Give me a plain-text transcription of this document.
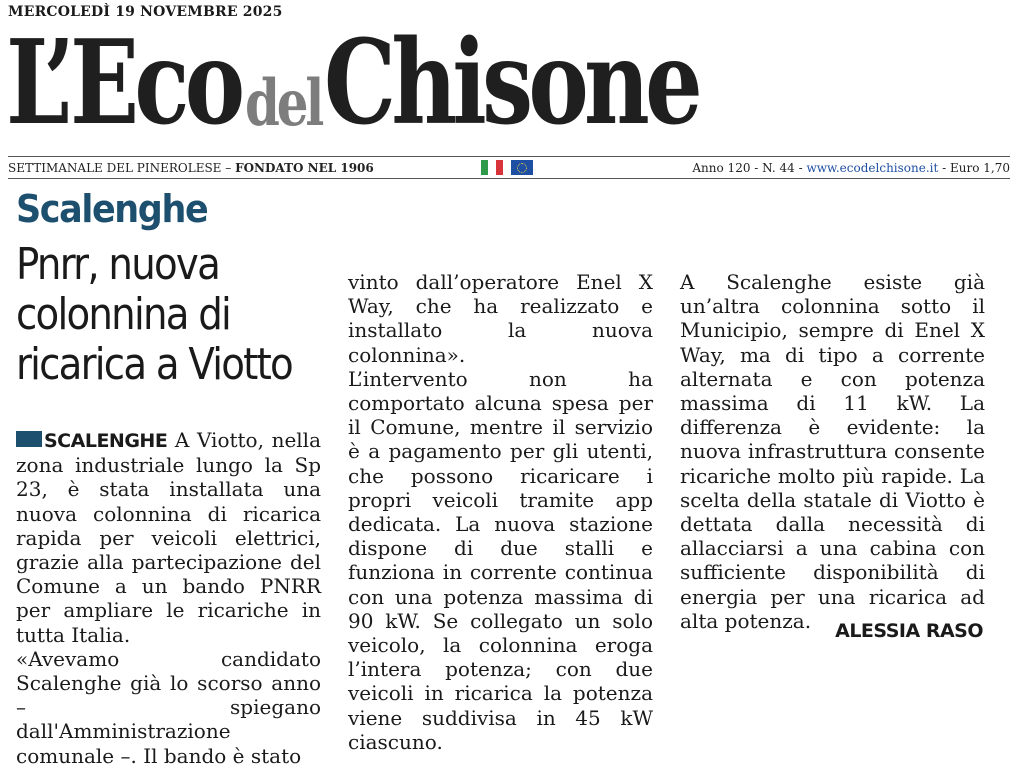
MERCOLEDÌ 19 NOVEMBRE 2025
L’Eco del Chisone
SETTIMANALE DEL PINEROLESE – FONDATO NEL 1906	Anno 120 - N. 44 - www.ecodelchisone.it - Euro 1,70
Scalenghe
Pnrr, nuova colonnina di ricarica a Viotto

SCALENGHE A Viotto, nella zona industriale lungo la Sp 23, è stata installata una nuova colonnina di ricarica rapida per veicoli elettrici, grazie alla partecipazione del Comune a un bando PNRR per ampliare le ricariche in tutta Italia.

«Avevamo candidato Scalenghe già lo scorso anno – spiegano dall'Amministrazione comunale –. Il bando è stato

vinto dall’operatore Enel X Way, che ha realizzato e installato la nuova colonnina».

L’intervento non ha comportato alcuna spesa per il Comune, mentre il servizio è a pagamento per gli utenti, che possono ricaricare i propri veicoli tramite app dedicata. La nuova stazione dispone di due stalli e funziona in corrente continua con una potenza massima di 90 kW. Se collegato un solo veicolo, la colonnina eroga l’intera potenza; con due veicoli in ricarica la potenza viene suddivisa in 45 kW ciascuno.

A Scalenghe esiste già un’altra colonnina sotto il Municipio, sempre di Enel X Way, ma di tipo a corrente alternata e con potenza massima di 11 kW. La differenza è evidente: la nuova infrastruttura consente ricariche molto più rapide. La scelta della statale di Viotto è dettata dalla necessità di allacciarsi a una cabina con sufficiente disponibilità di energia per una ricarica ad alta potenza.	ALESSIA RASO
